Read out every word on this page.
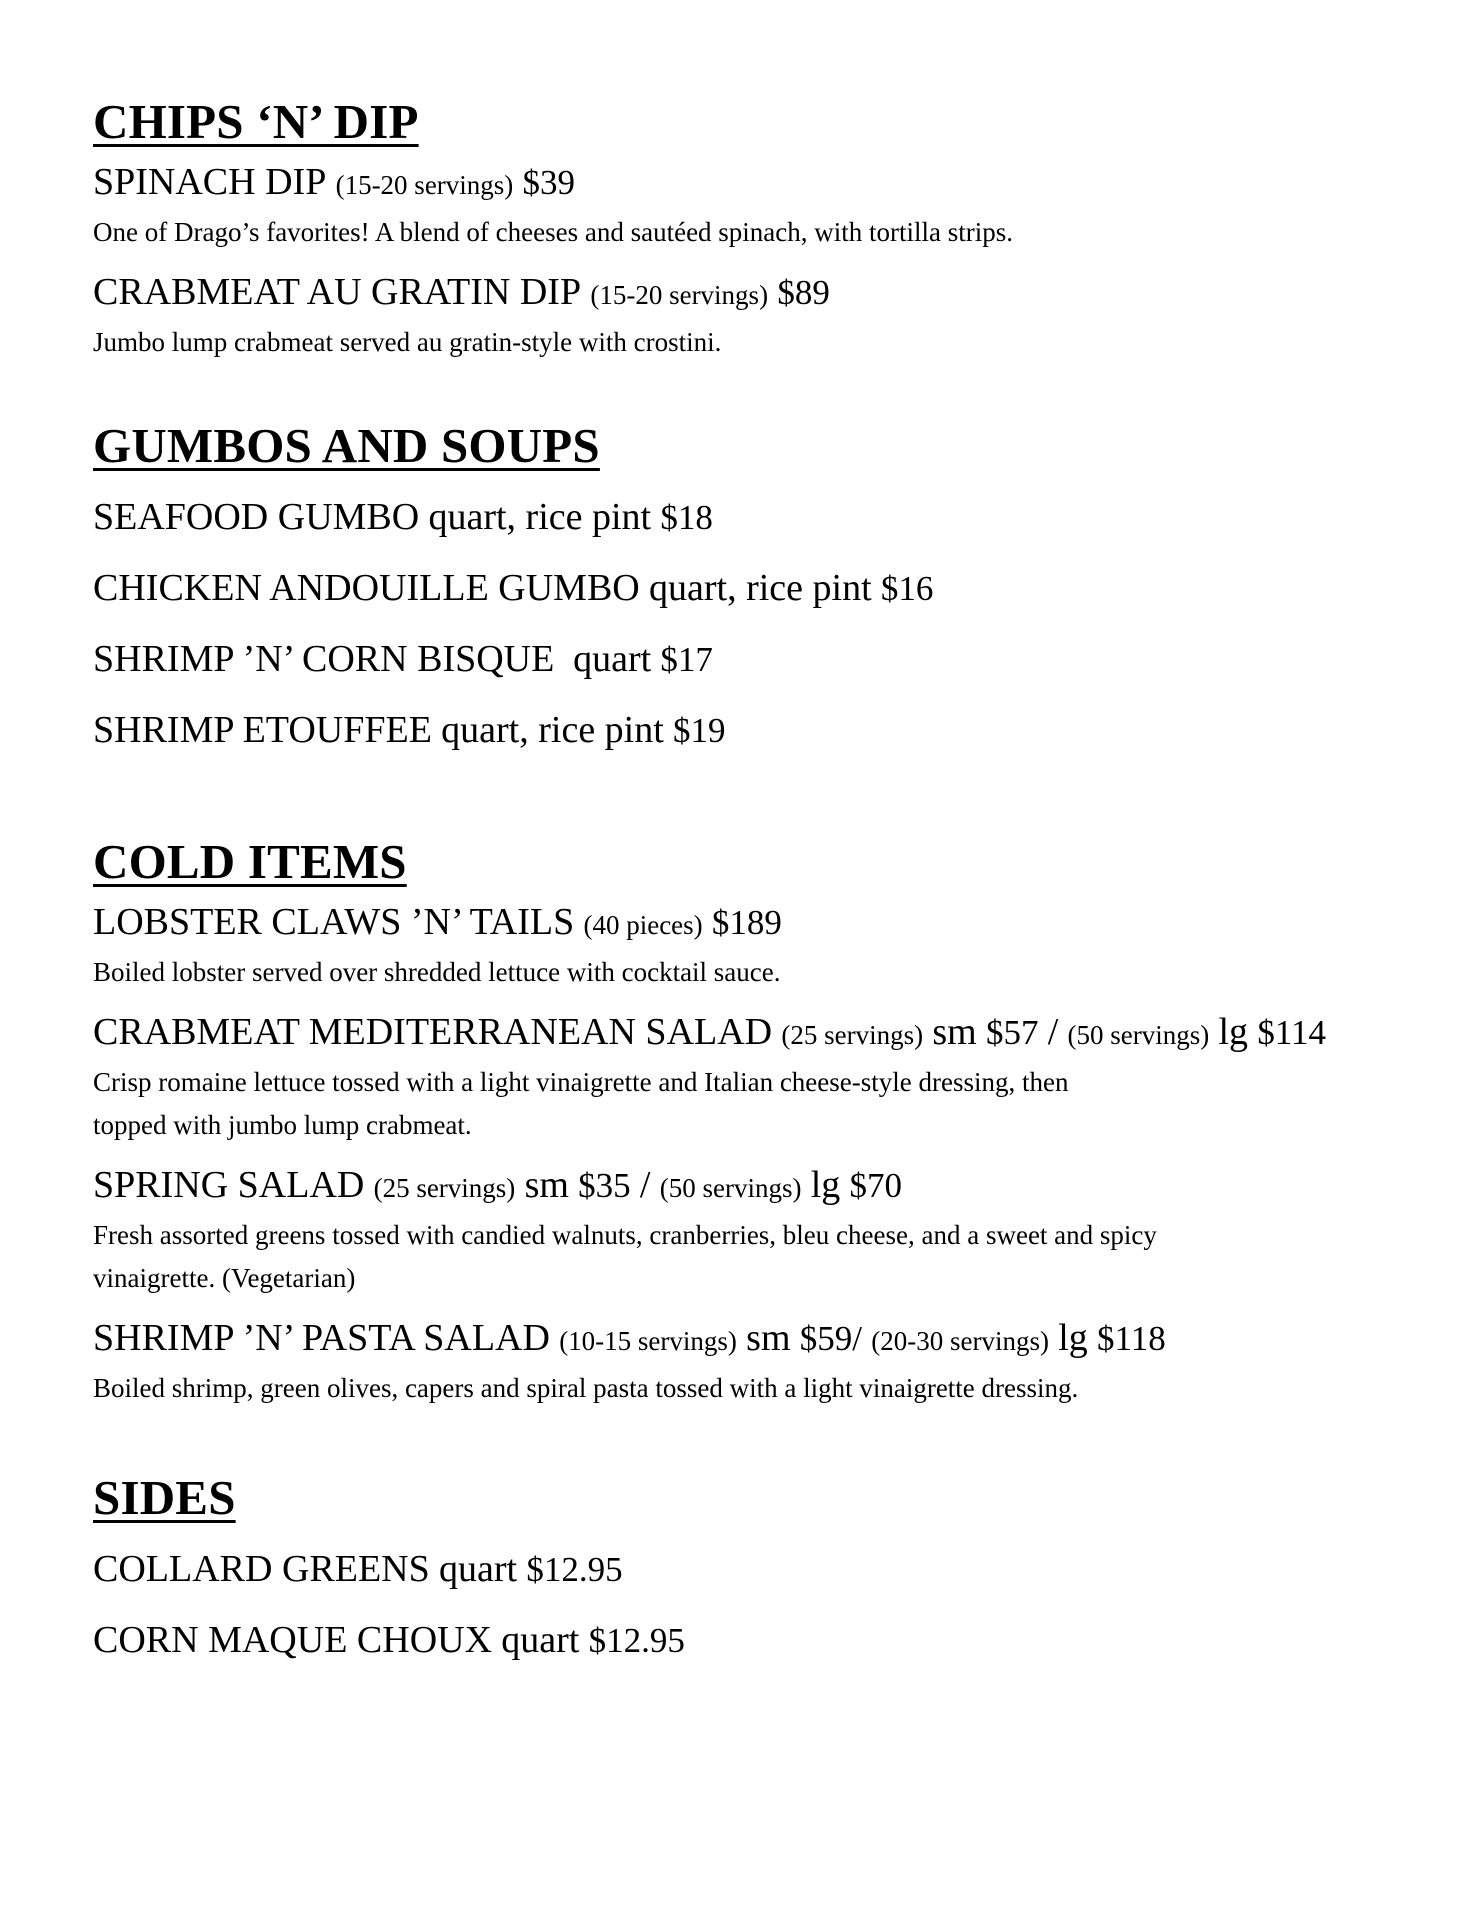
CHIPS ‘N’ DIP

SPINACH DIP (15-20 servings) $39

One of Drago’s favorites! A blend of cheeses and sautéed spinach, with tortilla strips.

CRABMEAT AU GRATIN DIP (15-20 servings) $89

Jumbo lump crabmeat served au gratin-style with crostini.

GUMBOS AND SOUPS

SEAFOOD GUMBO quart, rice pint $18

CHICKEN ANDOUILLE GUMBO quart, rice pint $16

SHRIMP ’N’ CORN BISQUE  quart $17

SHRIMP ETOUFFEE quart, rice pint $19

COLD ITEMS

LOBSTER CLAWS ’N’ TAILS (40 pieces) $189

Boiled lobster served over shredded lettuce with cocktail sauce.

CRABMEAT MEDITERRANEAN SALAD (25 servings) sm $57 / (50 servings) lg $114

Crisp romaine lettuce tossed with a light vinaigrette and Italian cheese-style dressing, then
topped with jumbo lump crabmeat.

SPRING SALAD (25 servings) sm $35 / (50 servings) lg $70

Fresh assorted greens tossed with candied walnuts, cranberries, bleu cheese, and a sweet and spicy
vinaigrette. (Vegetarian)

SHRIMP ’N’ PASTA SALAD (10-15 servings) sm $59/ (20-30 servings) lg $118

Boiled shrimp, green olives, capers and spiral pasta tossed with a light vinaigrette dressing.

SIDES

COLLARD GREENS quart $12.95

CORN MAQUE CHOUX quart $12.95
